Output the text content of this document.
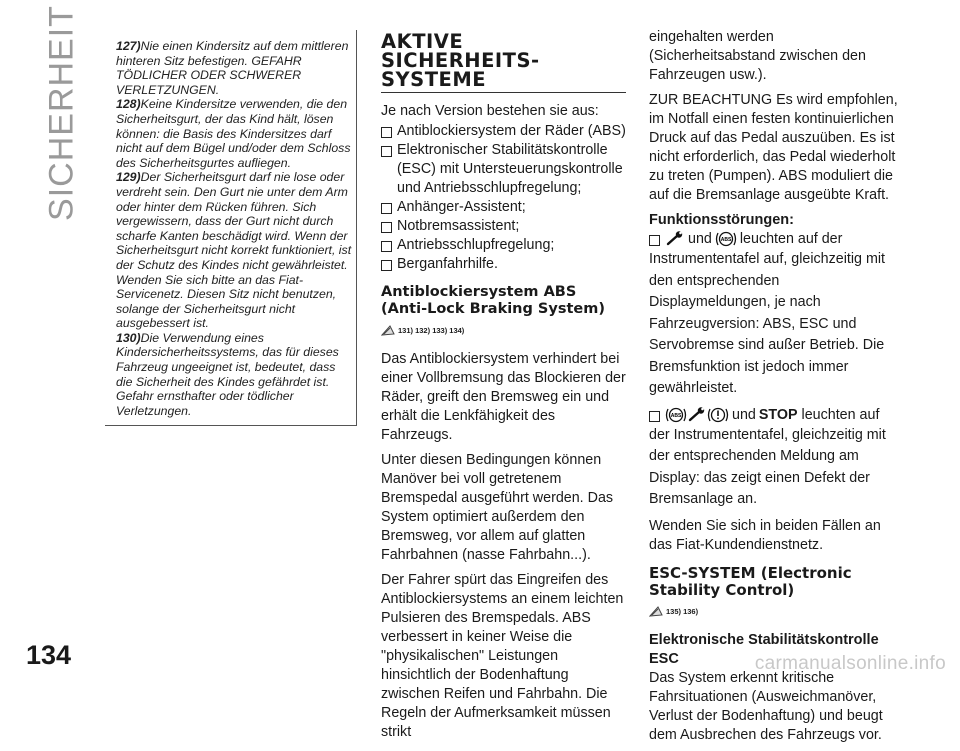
SICHERHEIT	127)Nie einen Kindersitz auf dem mittleren hinteren Sitz befestigen. GEFAHR TÖDLICHER ODER SCHWERER VERLETZUNGEN.

128)Keine Kindersitze verwenden, die den Sicherheitsgurt, der das Kind hält, lösen können: die Basis des Kindersitzes darf nicht auf dem Bügel und/oder dem Schloss des Sicherheitsgurtes aufliegen.

129)Der Sicherheitsgurt darf nie lose oder verdreht sein. Den Gurt nie unter dem Arm oder hinter dem Rücken führen. Sich vergewissern, dass der Gurt nicht durch scharfe Kanten beschädigt wird. Wenn der Sicherheitsgurt nicht korrekt funktioniert, ist der Schutz des Kindes nicht gewährleistet. Wenden Sie sich bitte an das Fiat-Servicenetz. Diesen Sitz nicht benutzen, solange der Sicherheitsgurt nicht ausgebessert ist.

130)Die Verwendung eines Kindersicherheitssystems, das für dieses Fahrzeug ungeeignet ist, bedeutet, dass die Sicherheit des Kindes gefährdet ist. Gefahr ernsthafter oder tödlicher Verletzungen.

AKTIVE SICHERHEITS-SYSTEME

Je nach Version bestehen sie aus:

Antiblockiersystem der Räder (ABS)
Elektronischer Stabilitätskontrolle (ESC) mit Untersteuerungskontrolle und Antriebsschlupfregelung;
Anhänger-Assistent;
Notbremsassistent;
Antriebsschlupfregelung;
Berganfahrhilfe.
Antiblockiersystem ABS (Anti-Lock Braking System)
131) 132) 133) 134)

Das Antiblockiersystem verhindert bei einer Vollbremsung das Blockieren der Räder, greift den Bremsweg ein und erhält die Lenkfähigkeit des Fahrzeugs.

Unter diesen Bedingungen können Manöver bei voll getretenem Bremspedal ausgeführt werden. Das System optimiert außerdem den Bremsweg, vor allem auf glatten Fahrbahnen (nasse Fahrbahn...).

Der Fahrer spürt das Eingreifen des Antiblockiersystems an einem leichten Pulsieren des Bremspedals. ABS verbessert in keiner Weise die "physikalischen" Leistungen hinsichtlich der Bodenhaftung zwischen Reifen und Fahrbahn. Die Regeln der Aufmerksamkeit müssen strikt

eingehalten werden (Sicherheitsabstand zwischen den Fahrzeugen usw.).

ZUR BEACHTUNG Es wird empfohlen, im Notfall einen festen kontinuierlichen Druck auf das Pedal auszuüben. Es ist nicht erforderlich, das Pedal wiederholt zu treten (Pumpen). ABS moduliert die auf die Bremsanlage ausgeübte Kraft.

Funktionsstörungen:
und ABS leuchten auf der

Instrumententafel auf, gleichzeitig mit den entsprechenden Displaymeldungen, je nach Fahrzeugversion: ABS, ESC und Servobremse sind außer Betrieb. Die Bremsfunktion ist jedoch immer gewährleistet.

ABS	und STOP leuchten auf

der Instrumententafel, gleichzeitig mit der entsprechenden Meldung am Display: das zeigt einen Defekt der Bremsanlage an.

Wenden Sie sich in beiden Fällen an das Fiat-Kundendienstnetz.

ESC-SYSTEM (Electronic Stability Control)
135) 136)
Elektronische Stabilitätskontrolle ESC

Das System erkennt kritische Fahrsituationen (Ausweichmanöver, Verlust der Bodenhaftung) und beugt dem Ausbrechen des Fahrzeugs vor.

134	carmanualsonline.info
